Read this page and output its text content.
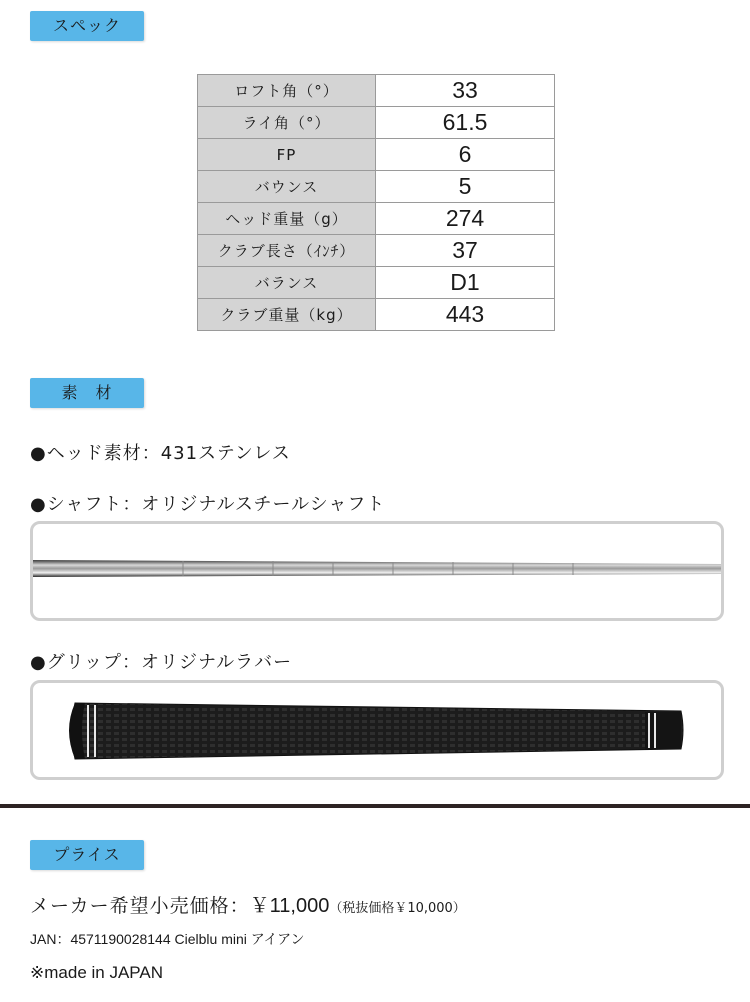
スペック
ロフト角（°）	33
ライ角（°）	61.5
FP	6
バウンス	5
ヘッド重量（g）	274
クラブ長さ（ｲﾝﾁ）	37
バランス	D1
クラブ重量（kg）	443
素　材
●ヘッド素材：431ステンレス
●シャフト：オリジナルスチールシャフト
●グリップ：オリジナルラバー
プライス
メーカー希望小売価格：￥11,000（税抜価格￥10,000）
JAN：4571190028144 Cielblu mini アイアン
※made in JAPAN
